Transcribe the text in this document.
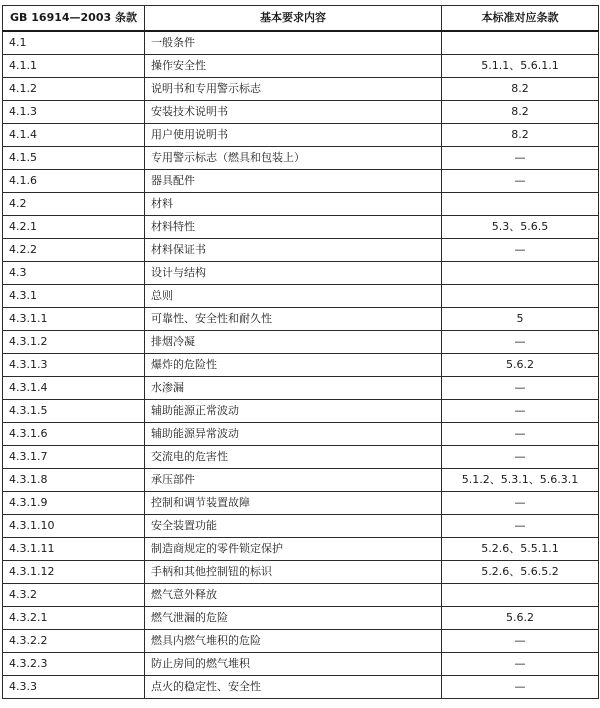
GB 16914—2003 条款	基本要求内容	本标准对应条款
4.1	一般条件	
4.1.1	操作安全性	5.1.1、5.6.1.1
4.1.2	说明书和专用警示标志	8.2
4.1.3	安装技术说明书	8.2
4.1.4	用户使用说明书	8.2
4.1.5	专用警示标志（燃具和包装上）	—
4.1.6	器具配件	—
4.2	材料	
4.2.1	材料特性	5.3、5.6.5
4.2.2	材料保证书	—
4.3	设计与结构	
4.3.1	总则	
4.3.1.1	可靠性、安全性和耐久性	5
4.3.1.2	排烟冷凝	—
4.3.1.3	爆炸的危险性	5.6.2
4.3.1.4	水渗漏	—
4.3.1.5	辅助能源正常波动	—
4.3.1.6	辅助能源异常波动	—
4.3.1.7	交流电的危害性	—
4.3.1.8	承压部件	5.1.2、5.3.1、5.6.3.1
4.3.1.9	控制和调节装置故障	—
4.3.1.10	安全装置功能	—
4.3.1.11	制造商规定的零件锁定保护	5.2.6、5.5.1.1
4.3.1.12	手柄和其他控制钮的标识	5.2.6、5.6.5.2
4.3.2	燃气意外释放	
4.3.2.1	燃气泄漏的危险	5.6.2
4.3.2.2	燃具内燃气堆积的危险	—
4.3.2.3	防止房间的燃气堆积	—
4.3.3	点火的稳定性、安全性	—
